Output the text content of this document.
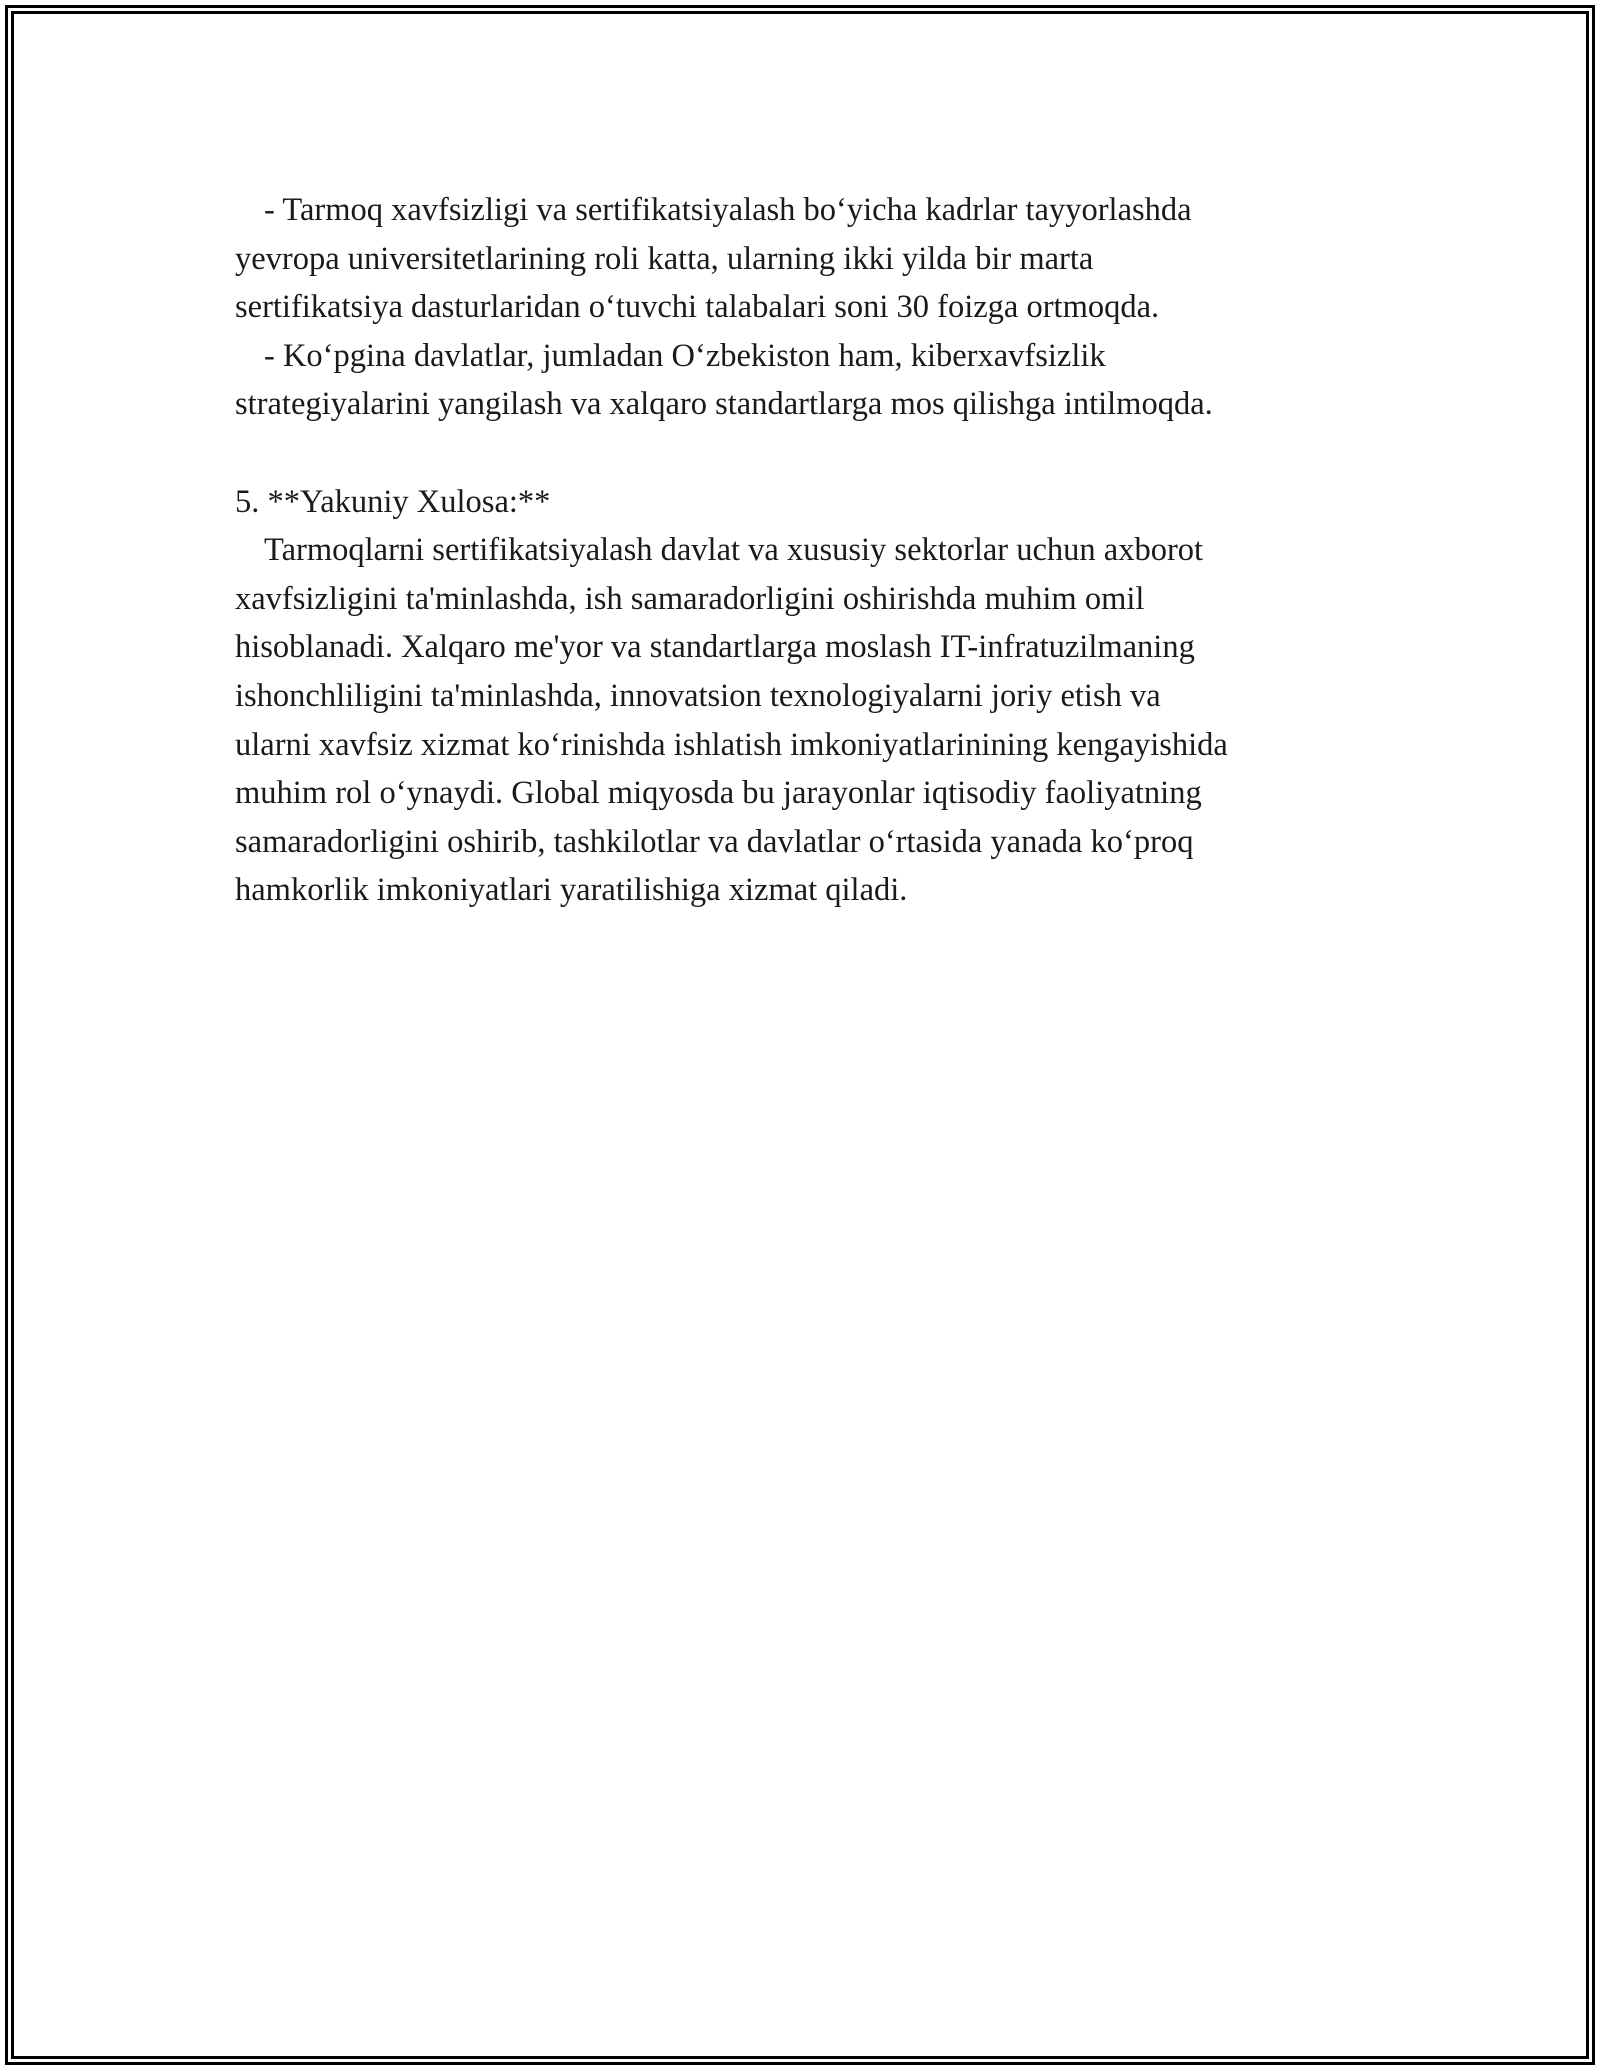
- Tarmoq xavfsizligi va sertifikatsiyalash bo‘yicha kadrlar tayyorlashda
yevropa universitetlarining roli katta, ularning ikki yilda bir marta
sertifikatsiya dasturlaridan o‘tuvchi talabalari soni 30 foizga ortmoqda.
- Ko‘pgina davlatlar, jumladan O‘zbekiston ham, kiberxavfsizlik
strategiyalarini yangilash va xalqaro standartlarga mos qilishga intilmoqda.
5. **Yakuniy Xulosa:**
Tarmoqlarni sertifikatsiyalash davlat va xususiy sektorlar uchun axborot
xavfsizligini ta'minlashda, ish samaradorligini oshirishda muhim omil
hisoblanadi. Xalqaro me'yor va standartlarga moslash IT-infratuzilmaning
ishonchliligini ta'minlashda, innovatsion texnologiyalarni joriy etish va
ularni xavfsiz xizmat ko‘rinishda ishlatish imkoniyatlarinining kengayishida
muhim rol o‘ynaydi. Global miqyosda bu jarayonlar iqtisodiy faoliyatning
samaradorligini oshirib, tashkilotlar va davlatlar o‘rtasida yanada ko‘proq
hamkorlik imkoniyatlari yaratilishiga xizmat qiladi.
